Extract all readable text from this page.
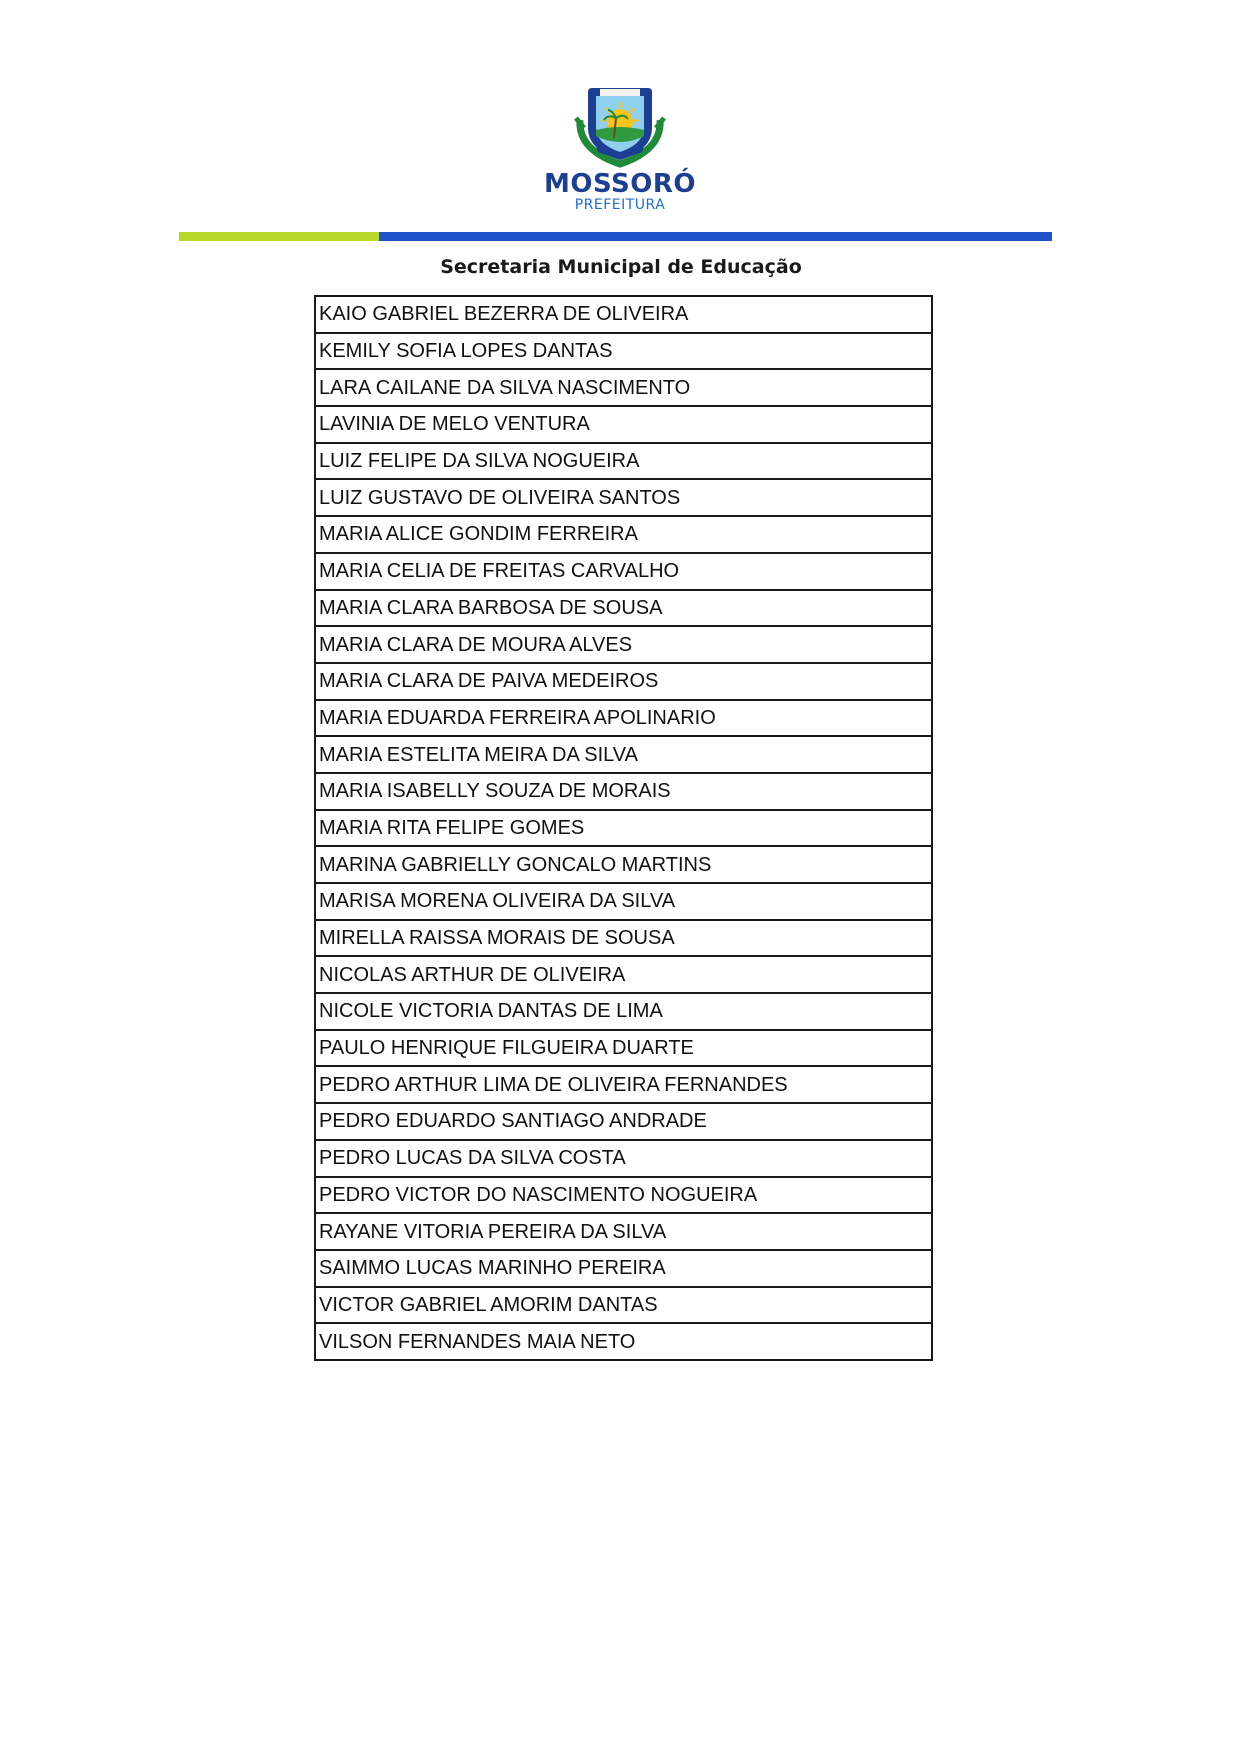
MOSSORÓ
PREFEITURA
Secretaria Municipal de Educação
KAIO GABRIEL BEZERRA DE OLIVEIRA
KEMILY SOFIA LOPES DANTAS
LARA CAILANE DA SILVA NASCIMENTO
LAVINIA DE MELO VENTURA
LUIZ FELIPE DA SILVA NOGUEIRA
LUIZ GUSTAVO DE OLIVEIRA SANTOS
MARIA ALICE GONDIM FERREIRA
MARIA CELIA DE FREITAS CARVALHO
MARIA CLARA BARBOSA DE SOUSA
MARIA CLARA DE MOURA ALVES
MARIA CLARA DE PAIVA MEDEIROS
MARIA EDUARDA FERREIRA APOLINARIO
MARIA ESTELITA MEIRA DA SILVA
MARIA ISABELLY SOUZA DE MORAIS
MARIA RITA FELIPE GOMES
MARINA GABRIELLY GONCALO MARTINS
MARISA MORENA OLIVEIRA DA SILVA
MIRELLA RAISSA MORAIS DE SOUSA
NICOLAS ARTHUR DE OLIVEIRA
NICOLE VICTORIA DANTAS DE LIMA
PAULO HENRIQUE FILGUEIRA DUARTE
PEDRO ARTHUR LIMA DE OLIVEIRA FERNANDES
PEDRO EDUARDO SANTIAGO ANDRADE
PEDRO LUCAS DA SILVA COSTA
PEDRO VICTOR DO NASCIMENTO NOGUEIRA
RAYANE VITORIA PEREIRA DA SILVA
SAIMMO LUCAS MARINHO PEREIRA
VICTOR GABRIEL AMORIM DANTAS
VILSON FERNANDES MAIA NETO
